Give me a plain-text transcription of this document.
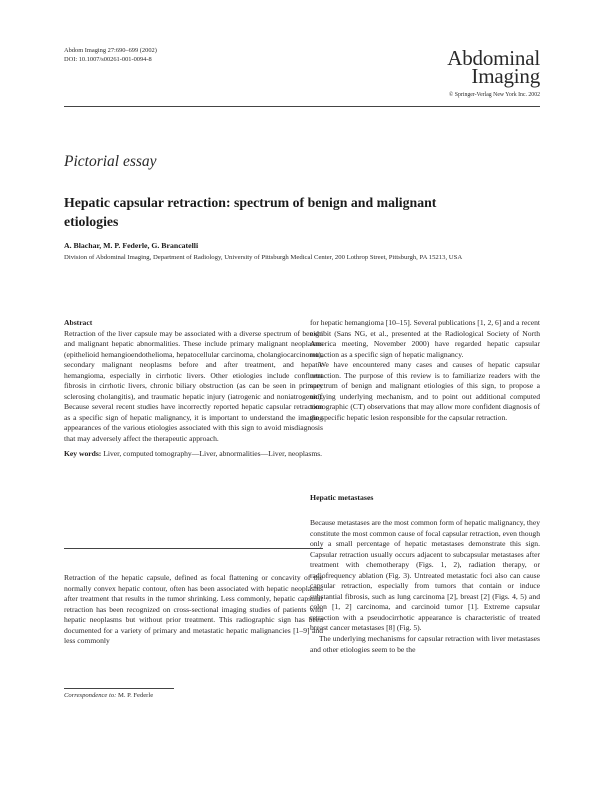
Abdom Imaging 27:690–699 (2002)
DOI: 10.1007/s00261-001-0094-8	Abdominal
Imaging
© Springer-Verlag New York Inc. 2002
Pictorial essay
Hepatic capsular retraction: spectrum of benign and malignant etiologies
A. Blachar, M. P. Federle, G. Brancatelli
Division of Abdominal Imaging, Department of Radiology, University of Pittsburgh Medical Center, 200 Lothrop Street, Pittsburgh, PA 15213, USA
Abstract

Retraction of the liver capsule may be associated with a diverse spectrum of benign and malignant hepatic abnormalities. These include primary malignant neoplasms (epithelioid hemangioendothelioma, hepatocellular carcinoma, cholangiocarcinoma), secondary malignant neoplasms before and after treatment, and hepatic hemangioma, especially in cirrhotic livers. Other etiologies include confluent fibrosis in cirrhotic livers, chronic biliary obstruction (as can be seen in primary sclerosing cholangitis), and traumatic hepatic injury (iatrogenic and noniatrogenic). Because several recent studies have incorrectly reported hepatic capsular retraction as a specific sign of hepatic malignancy, it is important to understand the imaging appearances of the various etiologies associated with this sign to avoid misdiagnosis that may adversely affect the therapeutic approach.

Key words: Liver, computed tomography—Liver, abnormalities—Liver, neoplasms.

Retraction of the hepatic capsule, defined as focal flattening or concavity of the normally convex hepatic contour, often has been associated with hepatic neoplasms after treatment that results in the tumor shrinking. Less commonly, hepatic capsular retraction has been recognized on cross-sectional imaging studies of patients with hepatic neoplasms but without prior treatment. This radiographic sign has been documented for a variety of primary and metastatic hepatic malignancies [1–9] and less commonly

Correspondence to: M. P. Federle

for hepatic hemangioma [10–15]. Several publications [1, 2, 6] and a recent exhibit (Sans NG, et al., presented at the Radiological Society of North America meeting, November 2000) have regarded hepatic capsular retraction as a specific sign of hepatic malignancy.

We have encountered many cases and causes of hepatic capsular retraction. The purpose of this review is to familiarize readers with the spectrum of benign and malignant etiologies of this sign, to propose a unifying underlying mechanism, and to point out additional computed tomographic (CT) observations that may allow more confident diagnosis of the specific hepatic lesion responsible for the capsular retraction.

Hepatic metastases

Because metastases are the most common form of hepatic malignancy, they constitute the most common cause of focal capsular retraction, even though only a small percentage of hepatic metastases demonstrate this sign. Capsular retraction usually occurs adjacent to subcapsular metastases after treatment with chemotherapy (Figs. 1, 2), radiation therapy, or radiofrequency ablation (Fig. 3). Untreated metastatic foci also can cause capsular retraction, especially from tumors that contain or induce substantial fibrosis, such as lung carcinoma [2], breast [2] (Figs. 4, 5) and colon [1, 2] carcinoma, and carcinoid tumor [1]. Extreme capsular retraction with a pseudocirrhotic appearance is characteristic of treated breast cancer metastases [8] (Fig. 5).

The underlying mechanisms for capsular retraction with liver metastases and other etiologies seem to be the
